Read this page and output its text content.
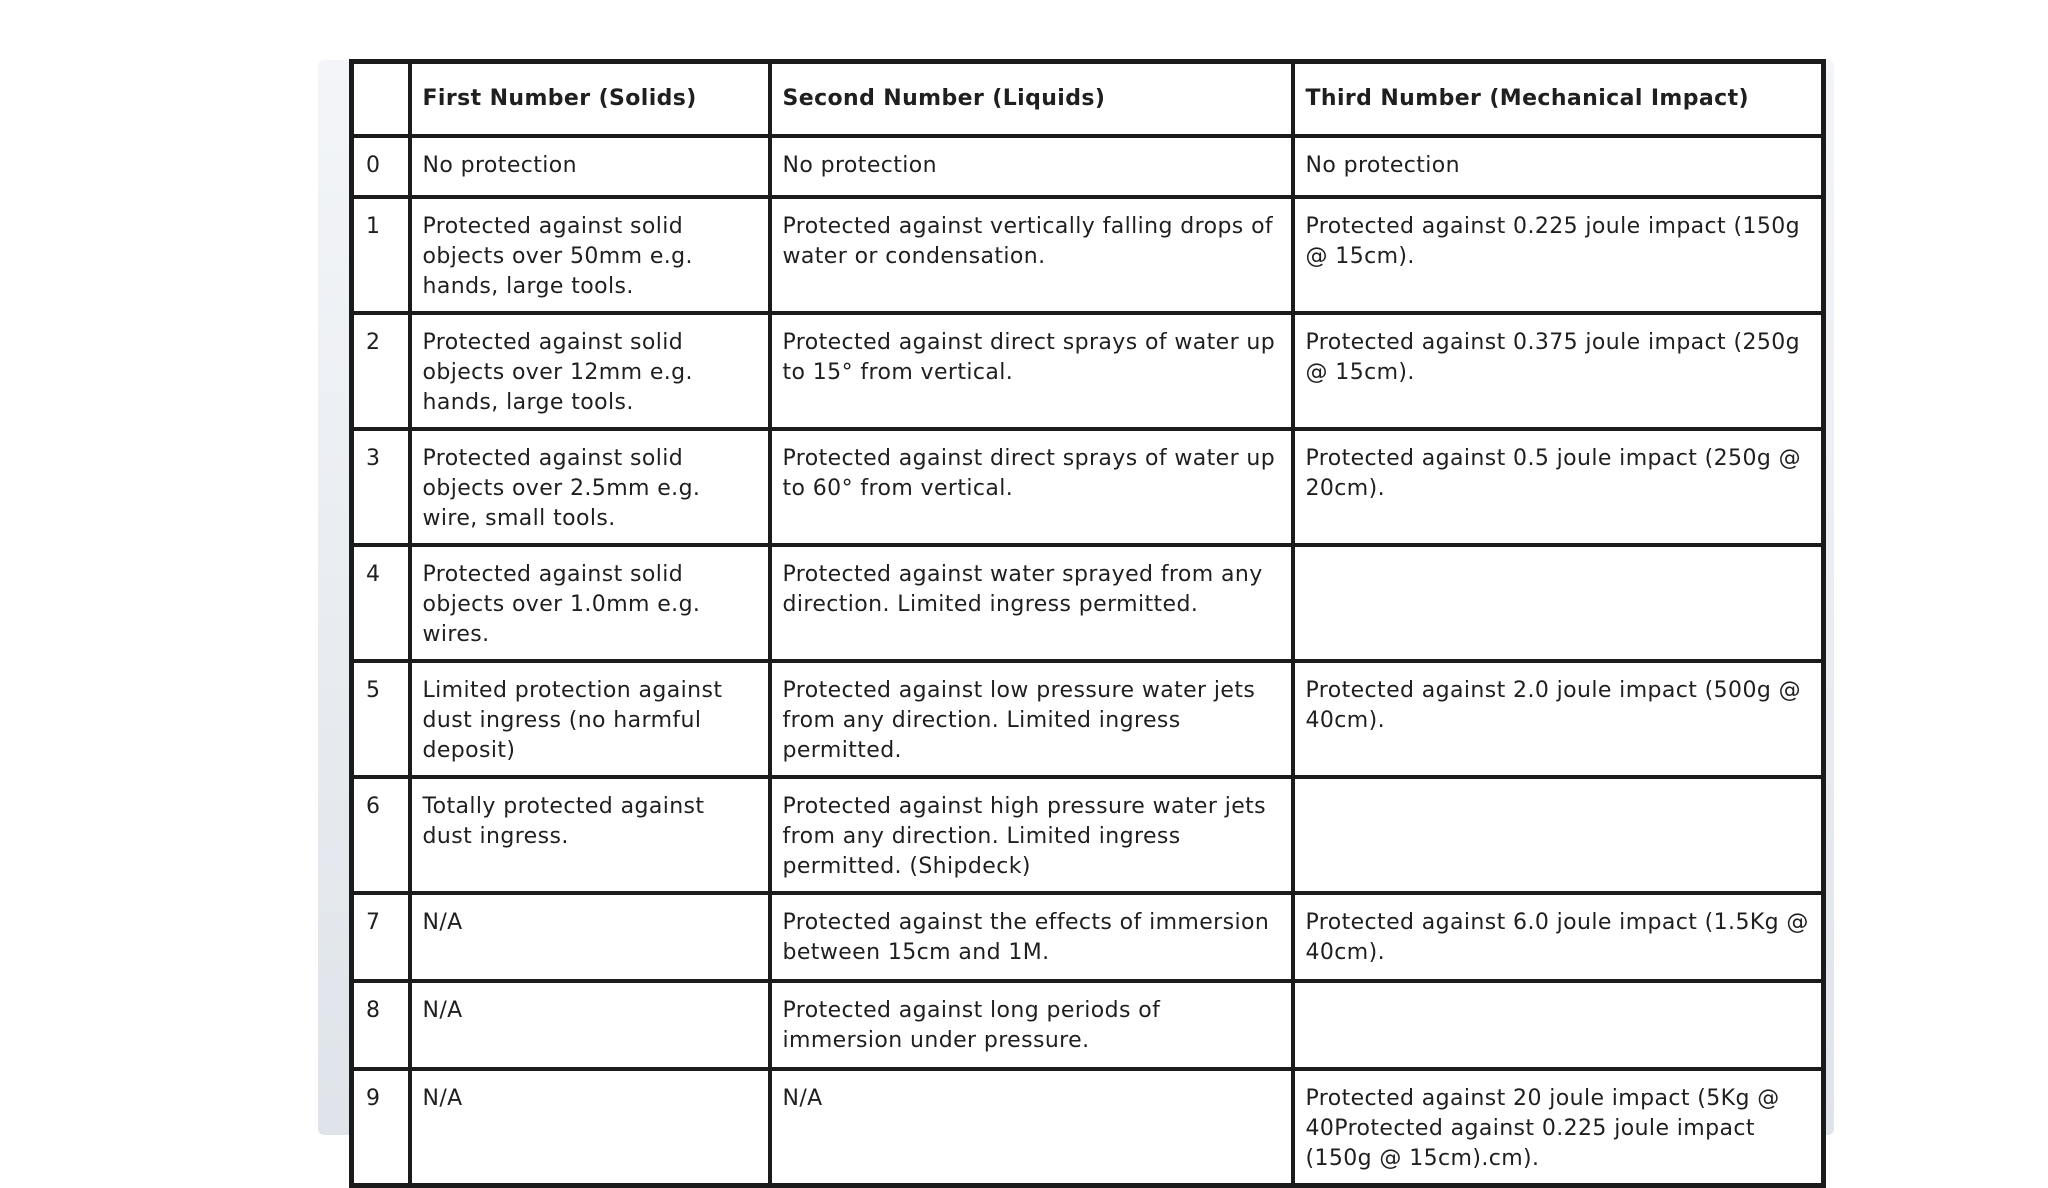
	First Number (Solids)	Second Number (Liquids)	Third Number (Mechanical Impact)
0	No protection	No protection	No protection
1	Protected against solid objects over 50mm e.g. hands, large tools.	Protected against vertically falling drops of water or condensation.	Protected against 0.225 joule impact (150g @ 15cm).
2	Protected against solid objects over 12mm e.g. hands, large tools.	Protected against direct sprays of water up to 15° from vertical.	Protected against 0.375 joule impact (250g @ 15cm).
3	Protected against solid objects over 2.5mm e.g. wire, small tools.	Protected against direct sprays of water up to 60° from vertical.	Protected against 0.5 joule impact (250g @ 20cm).
4	Protected against solid objects over 1.0mm e.g. wires.	Protected against water sprayed from any direction. Limited ingress permitted.	
5	Limited protection against dust ingress (no harmful deposit)	Protected against low pressure water jets from any direction. Limited ingress permitted.	Protected against 2.0 joule impact (500g @ 40cm).
6	Totally protected against dust ingress.	Protected against high pressure water jets from any direction. Limited ingress permitted. (Shipdeck)	
7	N/A	Protected against the effects of immersion between 15cm and 1M.	Protected against 6.0 joule impact (1.5Kg @ 40cm).
8	N/A	Protected against long periods of immersion under pressure.	
9	N/A	N/A	Protected against 20 joule impact (5Kg @ 40Protected against 0.225 joule impact (150g @ 15cm).cm).
